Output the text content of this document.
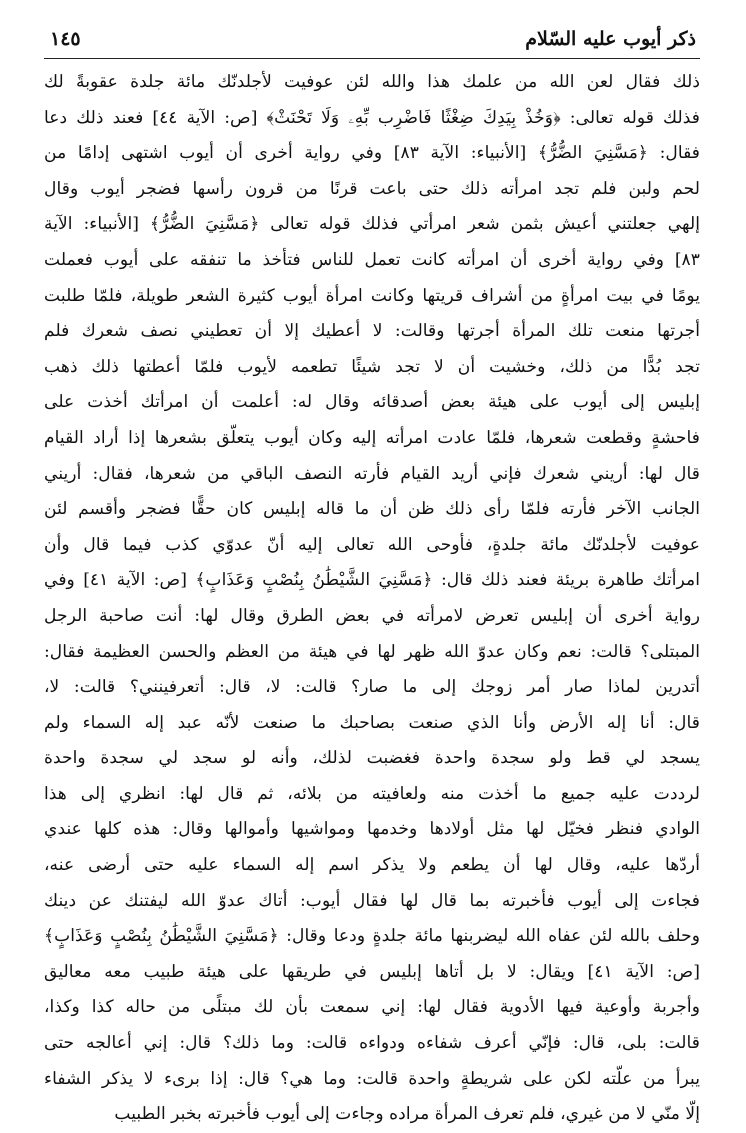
ذكر أيوب عليه السّلام
١٤٥
ذلك فقال لعن الله من علمك هذا والله لئن عوفيت لأجلدنّك مائة جلدة عقوبةً لك
فذلك قوله تعالى: ﴿وَخُذْ بِيَدِكَ ضِغْثًا فَاضْرِب بِّهِۦ وَلَا تَحْنَثْ﴾ [ص: الآية ٤٤] فعند ذلك دعا
فقال: ﴿مَسَّنِيَ الضُّرُّ﴾ [الأنبياء: الآية ٨٣] وفي رواية أخرى أن أيوب اشتهى إدامًا من
لحم ولبن فلم تجد امرأته ذلك حتى باعت قرنًا من قرون رأسها فضجر أيوب وقال
إلهي جعلتني أعيش بثمن شعر امرأتي فذلك قوله تعالى ﴿مَسَّنِيَ الضُّرُّ﴾ [الأنبياء: الآية
٨٣] وفي رواية أخرى أن امرأته كانت تعمل للناس فتأخذ ما تنفقه على أيوب فعملت
يومًا في بيت امرأةٍ من أشراف قريتها وكانت امرأة أيوب كثيرة الشعر طويلة، فلمّا طلبت
أجرتها منعت تلك المرأة أجرتها وقالت: لا أعطيك إلا أن تعطيني نصف شعرك فلم
تجد بُدًّا من ذلك، وخشيت أن لا تجد شيئًا تطعمه لأيوب فلمّا أعطتها ذلك ذهب
إبليس إلى أيوب على هيئة بعض أصدقائه وقال له: أعلمت أن امرأتك أخذت على
فاحشةٍ وقطعت شعرها، فلمّا عادت امرأته إليه وكان أيوب يتعلّق بشعرها إذا أراد القيام
قال لها: أريني شعرك فإني أريد القيام فأرته النصف الباقي من شعرها، فقال: أريني
الجانب الآخر فأرته فلمّا رأى ذلك ظن أن ما قاله إبليس كان حقًّا فضجر وأقسم لئن
عوفيت لأجلدنّك مائة جلدةٍ، فأوحى الله تعالى إليه أنّ عدوّي كذب فيما قال وأن
امرأتك طاهرة بريئة فعند ذلك قال: ﴿مَسَّنِيَ الشَّيْطَٰنُ بِنُصْبٍ وَعَذَابٍ﴾ [ص: الآية ٤١] وفي
رواية أخرى أن إبليس تعرض لامرأته في بعض الطرق وقال لها: أنت صاحبة الرجل
المبتلى؟ قالت: نعم وكان عدوّ الله ظهر لها في هيئة من العظم والحسن العظيمة فقال:
أتدرين لماذا صار أمر زوجك إلى ما صار؟ قالت: لا، قال: أتعرفينني؟ قالت: لا،
قال: أنا إله الأرض وأنا الذي صنعت بصاحبك ما صنعت لأنّه عبد إله السماء ولم
يسجد لي قط ولو سجدة واحدة فغضبت لذلك، وأنه لو سجد لي سجدة واحدة
لرددت عليه جميع ما أخذت منه ولعافيته من بلائه، ثم قال لها: انظري إلى هذا
الوادي فنظر فخيّل لها مثل أولادها وخدمها ومواشيها وأموالها وقال: هذه كلها عندي
أردّها عليه، وقال لها أن يطعم ولا يذكر اسم إله السماء عليه حتى أرضى عنه،
فجاءت إلى أيوب فأخبرته بما قال لها فقال أيوب: أتاك عدوّ الله ليفتنك عن دينك
وحلف بالله لئن عفاه الله ليضربنها مائة جلدةٍ ودعا وقال: ﴿مَسَّنِيَ الشَّيْطَٰنُ بِنُصْبٍ وَعَذَابٍ﴾
[ص: الآية ٤١] ويقال: لا بل أتاها إبليس في طريقها على هيئة طبيب معه معاليق
وأجربة وأوعية فيها الأدوية فقال لها: إني سمعت بأن لك مبتلًى من حاله كذا وكذا،
قالت: بلى، قال: فإنّي أعرف شفاءه ودواءه قالت: وما ذلك؟ قال: إني أعالجه حتى
يبرأ من علّته لكن على شريطةٍ واحدة قالت: وما هي؟ قال: إذا برىء لا يذكر الشفاء
إلّا منّي لا من غيري، فلم تعرف المرأة مراده وجاءت إلى أيوب فأخبرته بخبر الطبيب
